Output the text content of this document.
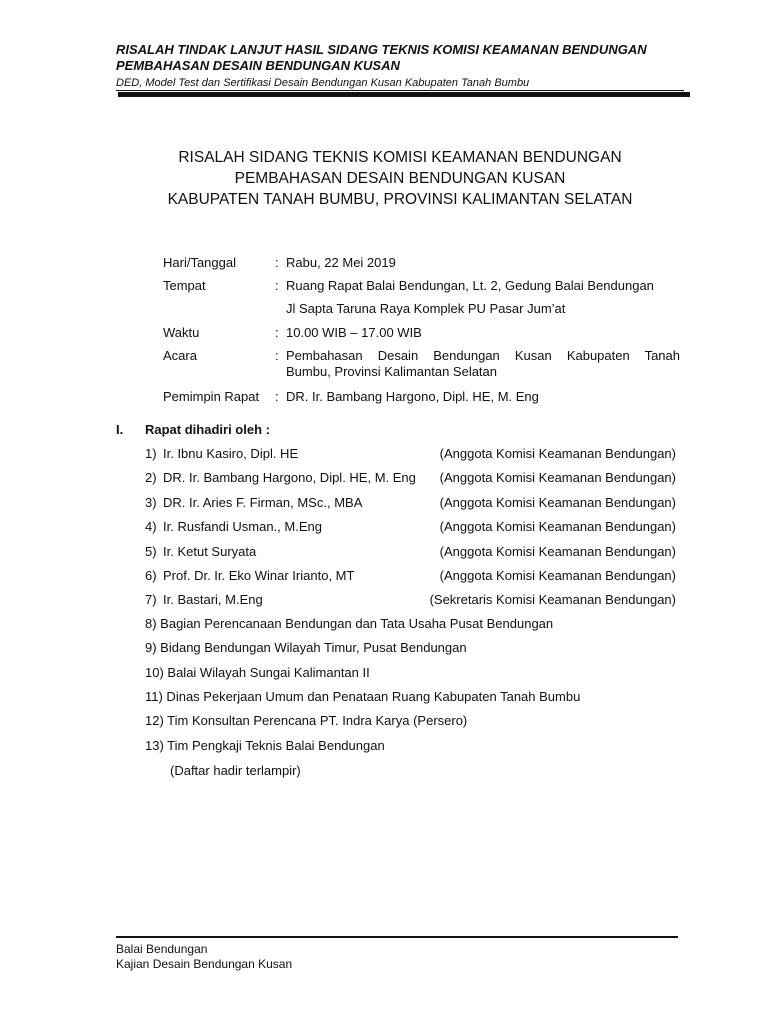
RISALAH TINDAK LANJUT HASIL SIDANG TEKNIS KOMISI KEAMANAN BENDUNGAN
PEMBAHASAN DESAIN BENDUNGAN KUSAN
DED, Model Test dan Sertifikasi Desain Bendungan Kusan Kabupaten Tanah Bumbu
RISALAH SIDANG TEKNIS KOMISI KEAMANAN BENDUNGAN
PEMBAHASAN DESAIN BENDUNGAN KUSAN
KABUPATEN TANAH BUMBU, PROVINSI KALIMANTAN SELATAN
Hari/Tanggal	: Rabu, 22 Mei 2019
Tempat	: Ruang Rapat Balai Bendungan, Lt. 2, Gedung Balai Bendungan
Jl Sapta Taruna Raya Komplek PU Pasar Jum’at
Waktu	: 10.00 WIB – 17.00 WIB
Acara	: Pembahasan Desain Bendungan Kusan Kabupaten Tanah
Bumbu, Provinsi Kalimantan Selatan
Pemimpin Rapat : DR. Ir. Bambang Hargono, Dipl. HE, M. Eng
I. Rapat dihadiri oleh :
1) Ir. Ibnu Kasiro, Dipl. HE	(Anggota Komisi Keamanan Bendungan)
2) DR. Ir. Bambang Hargono, Dipl. HE, M. Eng (Anggota Komisi Keamanan Bendungan)
3) DR. Ir. Aries F. Firman, MSc., MBA	(Anggota Komisi Keamanan Bendungan)
4) Ir. Rusfandi Usman., M.Eng	(Anggota Komisi Keamanan Bendungan)
5) Ir. Ketut Suryata	(Anggota Komisi Keamanan Bendungan)
6) Prof. Dr. Ir. Eko Winar Irianto, MT	(Anggota Komisi Keamanan Bendungan)
7) Ir. Bastari, M.Eng	(Sekretaris Komisi Keamanan Bendungan)
8) Bagian Perencanaan Bendungan dan Tata Usaha Pusat Bendungan
9) Bidang Bendungan Wilayah Timur, Pusat Bendungan
10) Balai Wilayah Sungai Kalimantan II
11) Dinas Pekerjaan Umum dan Penataan Ruang Kabupaten Tanah Bumbu
12) Tim Konsultan Perencana PT. Indra Karya (Persero)
13) Tim Pengkaji Teknis Balai Bendungan
(Daftar hadir terlampir)
Balai Bendungan
Kajian Desain Bendungan Kusan
